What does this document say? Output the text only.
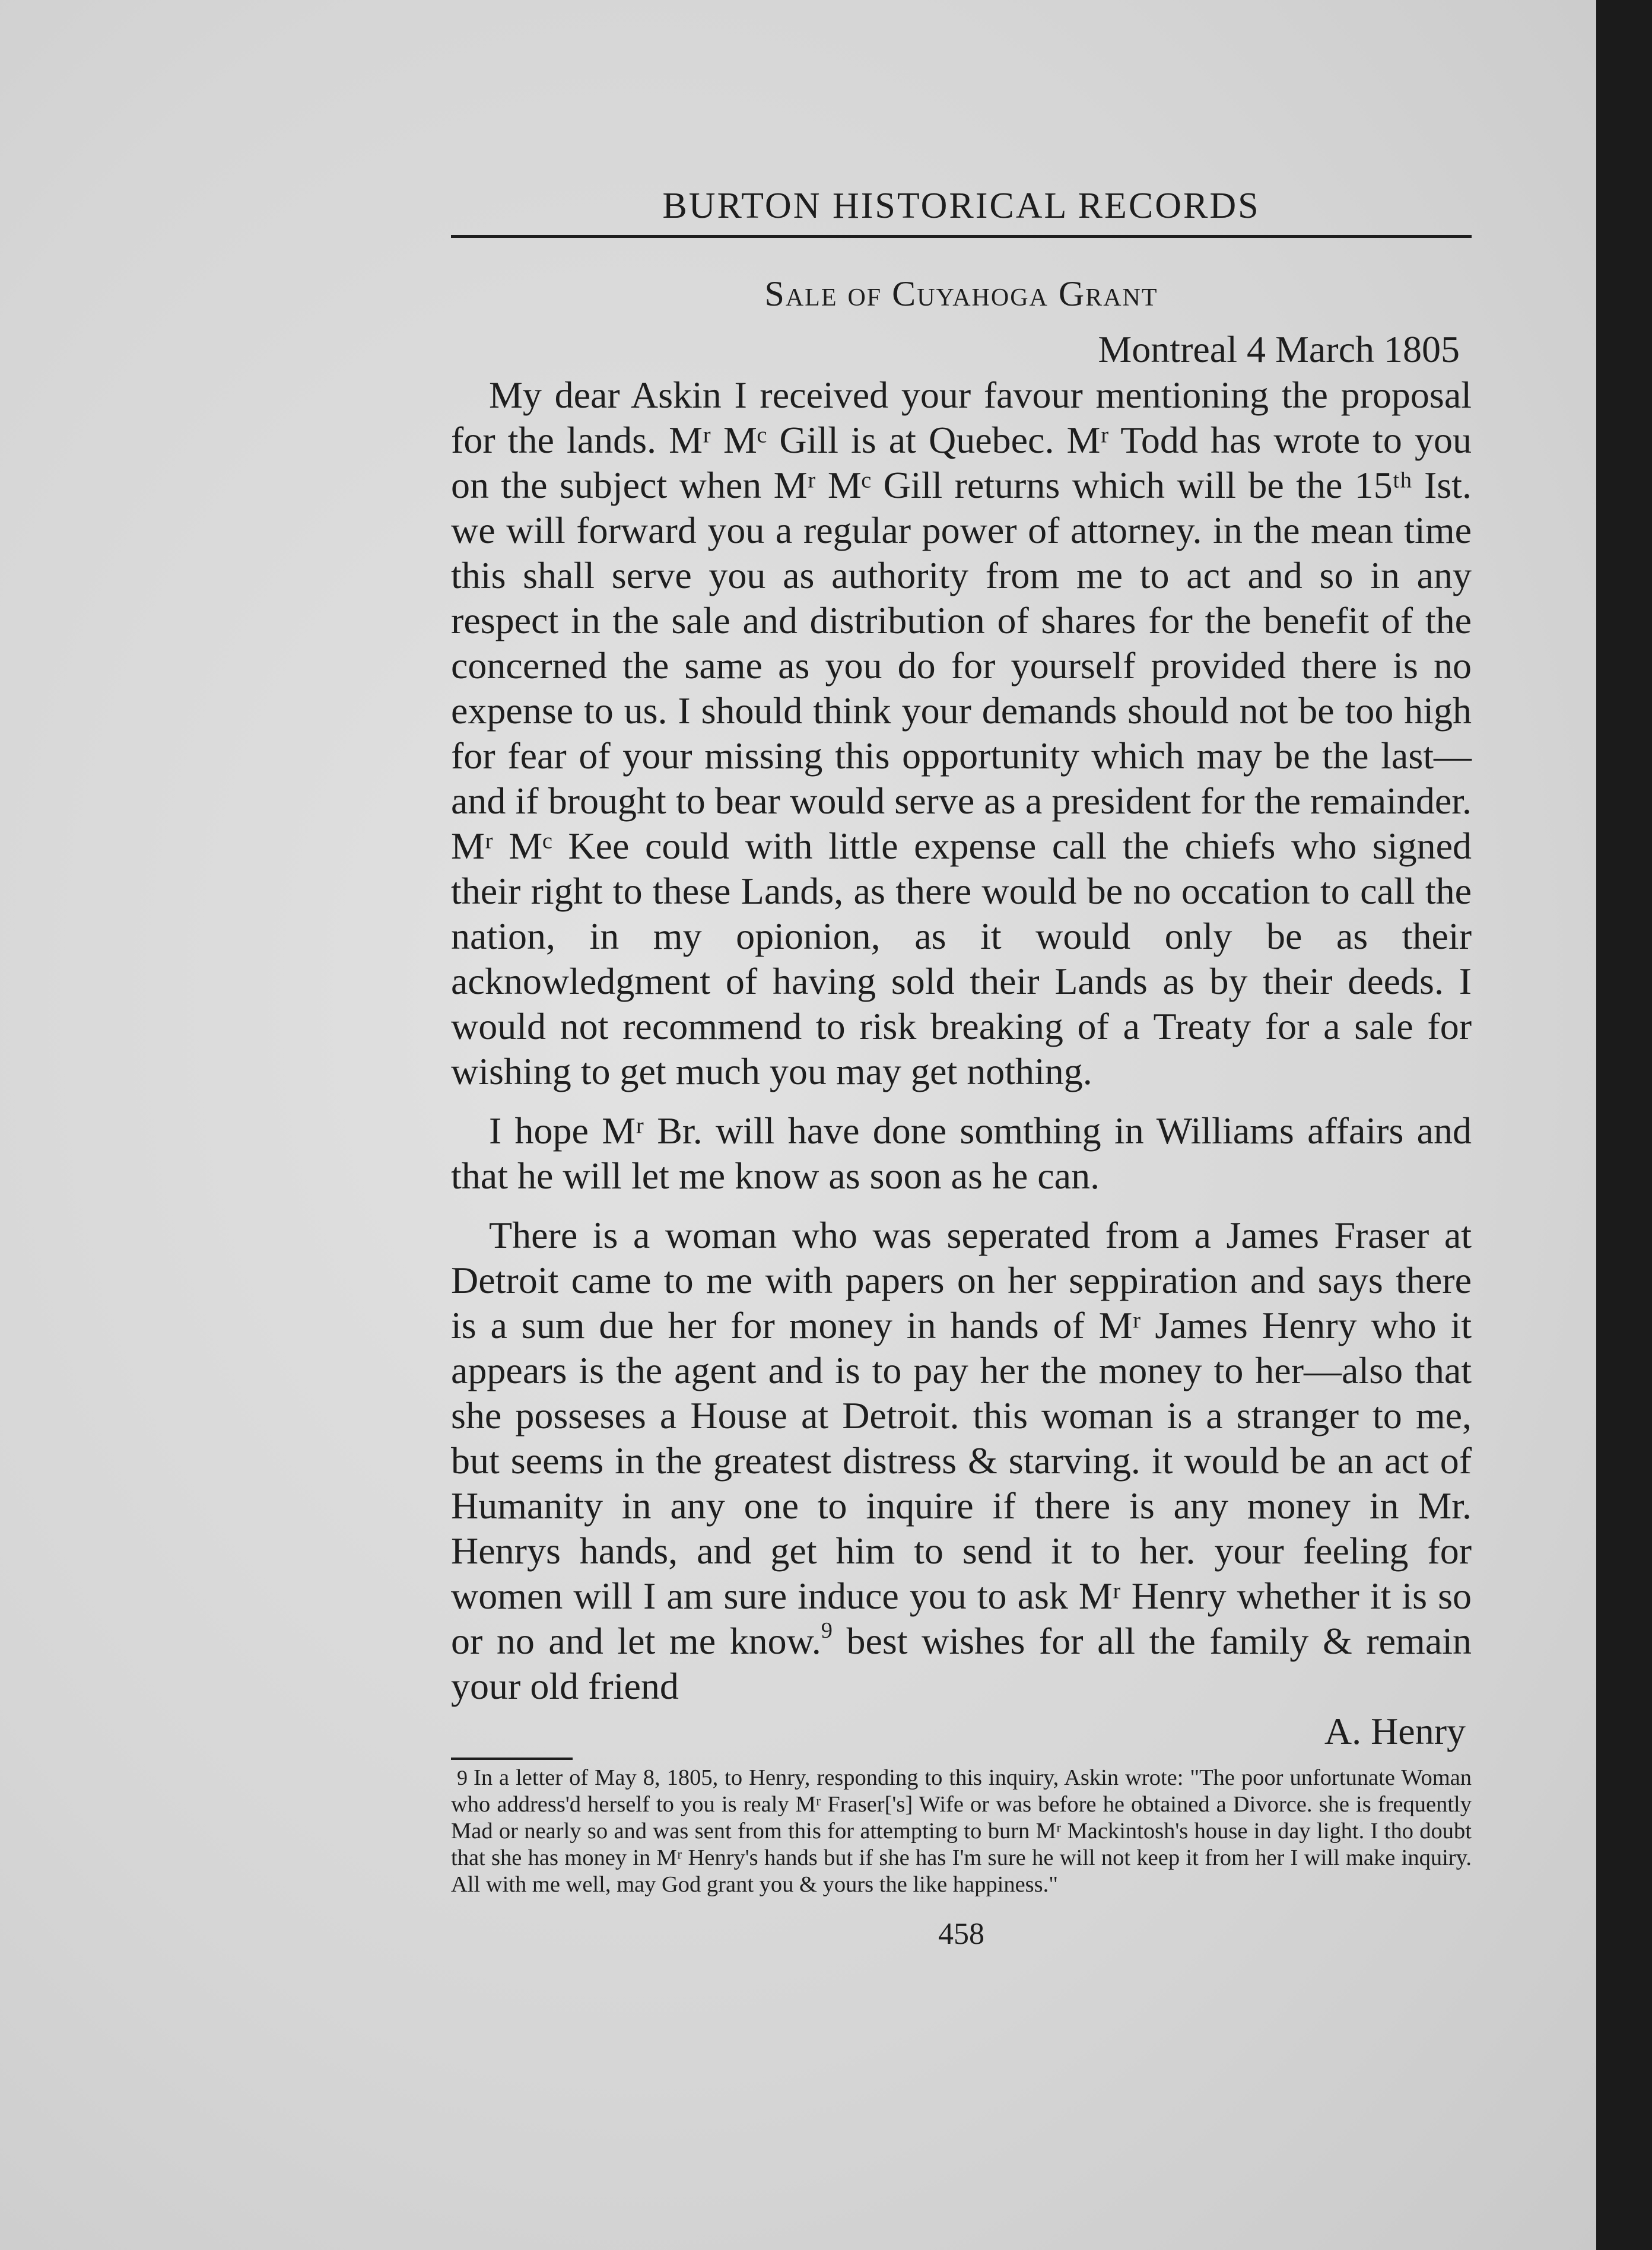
BURTON HISTORICAL RECORDS
Sale of Cuyahoga Grant
Montreal 4 March 1805

My dear Askin I received your favour mentioning the proposal for the lands. Mʳ Mᶜ Gill is at Quebec. Mʳ Todd has wrote to you on the subject when Mʳ Mᶜ Gill returns which will be the 15ᵗʰ Ist. we will forward you a regular power of attorney. in the mean time this shall serve you as authority from me to act and so in any respect in the sale and distribution of shares for the benefit of the concerned the same as you do for yourself provided there is no expense to us. I should think your demands should not be too high for fear of your missing this opportunity which may be the last—and if brought to bear would serve as a president for the remainder. Mʳ Mᶜ Kee could with little expense call the chiefs who signed their right to these Lands, as there would be no occation to call the nation, in my opionion, as it would only be as their acknowledgment of having sold their Lands as by their deeds. I would not recommend to risk breaking of a Treaty for a sale for wishing to get much you may get nothing.

I hope Mʳ Br. will have done somthing in Williams affairs and that he will let me know as soon as he can.

There is a woman who was seperated from a James Fraser at Detroit came to me with papers on her seppiration and says there is a sum due her for money in hands of Mʳ James Henry who it appears is the agent and is to pay her the money to her—also that she posseses a House at Detroit. this woman is a stranger to me, but seems in the greatest distress & starving. it would be an act of Humanity in any one to inquire if there is any money in Mr. Henrys hands, and get him to send it to her. your feeling for women will I am sure induce you to ask Mʳ Henry whether it is so or no and let me know.$^9$ best wishes for all the family & remain your old friend

A. Henry
9 In a letter of May 8, 1805, to Henry, responding to this inquiry, Askin wrote: "The poor unfortunate Woman who address'd herself to you is realy Mʳ Fraser['s] Wife or was before he obtained a Divorce. she is frequently Mad or nearly so and was sent from this for attempting to burn Mʳ Mackintosh's house in day light. I tho doubt that she has money in Mʳ Henry's hands but if she has I'm sure he will not keep it from her I will make inquiry. All with me well, may God grant you & yours the like happiness."
458
